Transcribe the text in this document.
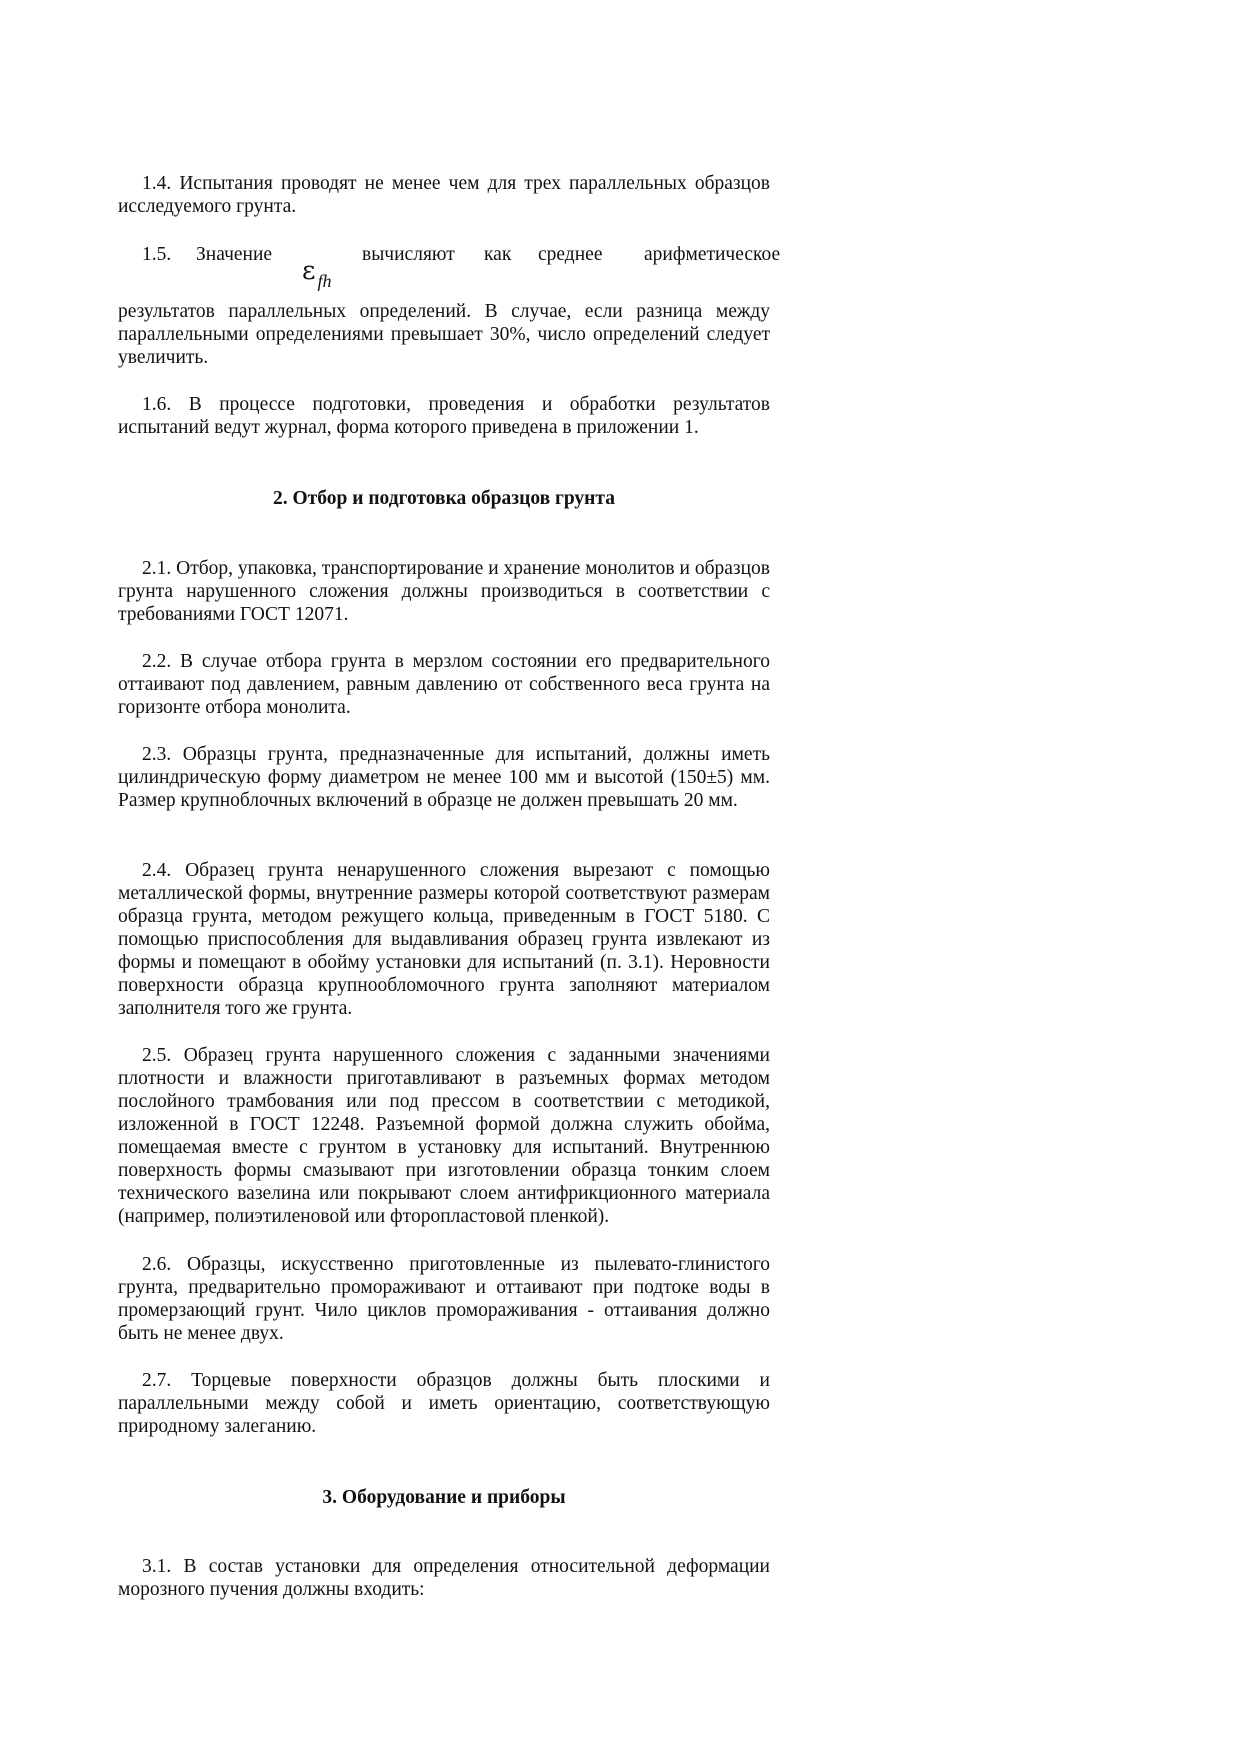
1.4. Испытания проводят не менее чем для трех параллельных образцов исследуемого грунта.

1.5. Значение	вычисляют как среднее арифметическое
ε fh

результатов параллельных определений. В случае, если разница между параллельными определениями превышает 30%, число определений следует увеличить.

1.6. В процессе подготовки, проведения и обработки результатов испытаний ведут журнал, форма которого приведена в приложении 1.

2. Отбор и подготовка образцов грунта

2.1. Отбор, упаковка, транспортирование и хранение монолитов и образцов грунта нарушенного сложения должны производиться в соответствии с требованиями ГОСТ 12071.

2.2. В случае отбора грунта в мерзлом состоянии его предварительного оттаивают под давлением, равным давлению от собственного веса грунта на горизонте отбора монолита.

2.3. Образцы грунта, предназначенные для испытаний, должны иметь цилиндрическую форму диаметром не менее 100 мм и высотой (150±5) мм. Размер крупноблочных включений в образце не должен превышать 20 мм.

2.4. Образец грунта ненарушенного сложения вырезают с помощью металлической формы, внутренние размеры которой соответствуют размерам образца грунта, методом режущего кольца, приведенным в ГОСТ 5180. С помощью приспособления для выдавливания образец грунта извлекают из формы и помещают в обойму установки для испытаний (п. 3.1). Неровности поверхности образца крупнообломочного грунта заполняют материалом заполнителя того же грунта.

2.5. Образец грунта нарушенного сложения с заданными значениями плотности и влажности приготавливают в разъемных формах методом послойного трамбования или под прессом в соответствии с методикой, изложенной в ГОСТ 12248. Разъемной формой должна служить обойма, помещаемая вместе с грунтом в установку для испытаний. Внутреннюю поверхность формы смазывают при изготовлении образца тонким слоем технического вазелина или покрывают слоем антифрикционного материала (например, полиэтиленовой или фторопластовой пленкой).

2.6. Образцы, искусственно приготовленные из пылевато-глинистого грунта, предварительно промораживают и оттаивают при подтоке воды в промерзающий грунт. Чило циклов промораживания - оттаивания должно быть не менее двух.

2.7. Торцевые поверхности образцов должны быть плоскими и параллельными между собой и иметь ориентацию, соответствующую природному залеганию.

3. Оборудование и приборы

3.1. В состав установки для определения относительной деформации морозного пучения должны входить:
